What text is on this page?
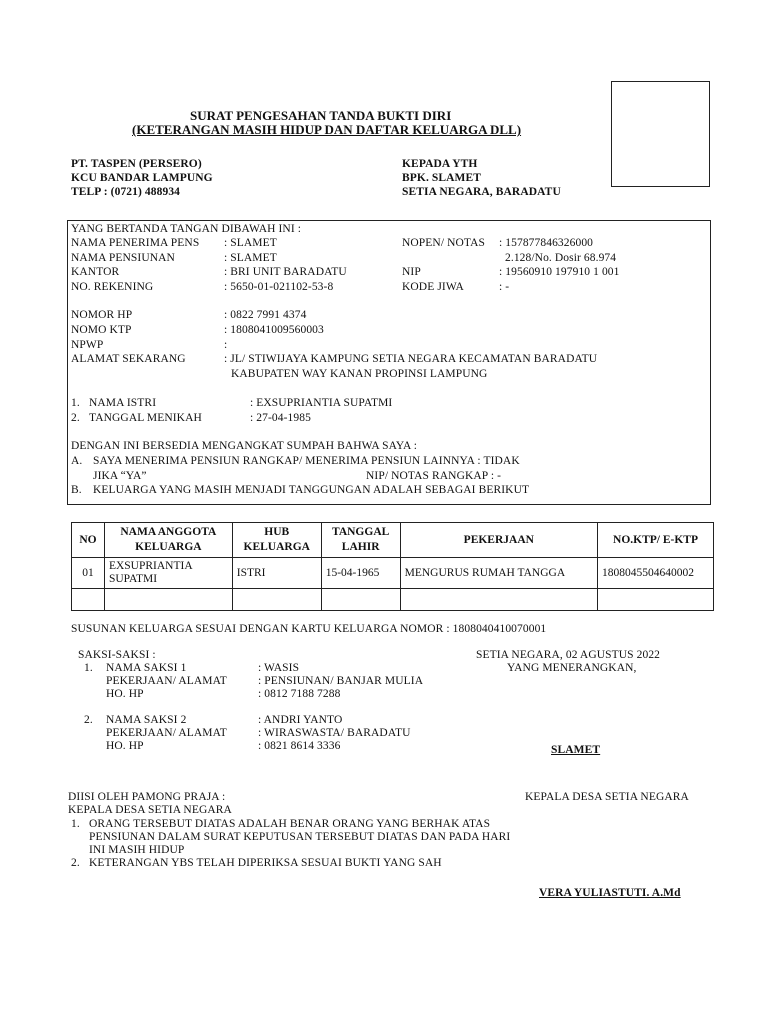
SURAT PENGESAHAN TANDA BUKTI DIRI
(KETERANGAN MASIH HIDUP DAN DAFTAR KELUARGA DLL)
PT. TASPEN (PERSERO)
KCU BANDAR LAMPUNG
TELP : (0721) 488934
KEPADA YTH
BPK. SLAMET
SETIA NEGARA, BARADATU
YANG BERTANDA TANGAN DIBAWAH INI :
NAMA PENERIMA PENS : SLAMET
NAMA PENSIUNAN	: SLAMET
KANTOR	: BRI UNIT BARADATU
NO. REKENING	: 5650-01-021102-53-8
NOPEN/ NOTAS : 157877846326000
2.128/No. Dosir 68.974
NIP	: 19560910 197910 1 001
KODE JIWA	: -
NOMOR HP	: 0822 7991 4374
NOMO KTP	: 1808041009560003
NPWP	:
ALAMAT SEKARANG	: JL/ STIWIJAYA KAMPUNG SETIA NEGARA KECAMATAN BARADATU
KABUPATEN WAY KANAN PROPINSI LAMPUNG
1. NAMA ISTRI	: EXSUPRIANTIA SUPATMI
2. TANGGAL MENIKAH	: 27-04-1985
DENGAN INI BERSEDIA MENGANGKAT SUMPAH BAHWA SAYA :
A. SAYA MENERIMA PENSIUN RANGKAP/ MENERIMA PENSIUN LAINNYA : TIDAK
JIKA “YA”	NIP/ NOTAS RANGKAP : -
B. KELUARGA YANG MASIH MENJADI TANGGUNGAN ADALAH SEBAGAI BERIKUT
NO	NAMA ANGGOTA KELUARGA	HUB KELUARGA	TANGGAL LAHIR	PEKERJAAN	NO.KTP/ E-KTP
01	EXSUPRIANTIA SUPATMI	ISTRI	15-04-1965	MENGURUS RUMAH TANGGA	1808045504640002

SUSUNAN KELUARGA SESUAI DENGAN KARTU KELUARGA NOMOR : 1808040410070001
SAKSI-SAKSI :
1. NAMA SAKSI 1	: WASIS
PEKERJAAN/ ALAMAT	: PENSIUNAN/ BANJAR MULIA
HO. HP	: 0812 7188 7288
2. NAMA SAKSI 2	: ANDRI YANTO
PEKERJAAN/ ALAMAT	: WIRASWASTA/ BARADATU
HO. HP	: 0821 8614 3336
SETIA NEGARA, 02 AGUSTUS 2022
YANG MENERANGKAN,
SLAMET
DIISI OLEH PAMONG PRAJA :
KEPALA DESA SETIA NEGARA
1. ORANG TERSEBUT DIATAS ADALAH BENAR ORANG YANG BERHAK ATAS
PENSIUNAN DALAM SURAT KEPUTUSAN TERSEBUT DIATAS DAN PADA HARI
INI MASIH HIDUP
2. KETERANGAN YBS TELAH DIPERIKSA SESUAI BUKTI YANG SAH
KEPALA DESA SETIA NEGARA
VERA YULIASTUTI. A.Md
